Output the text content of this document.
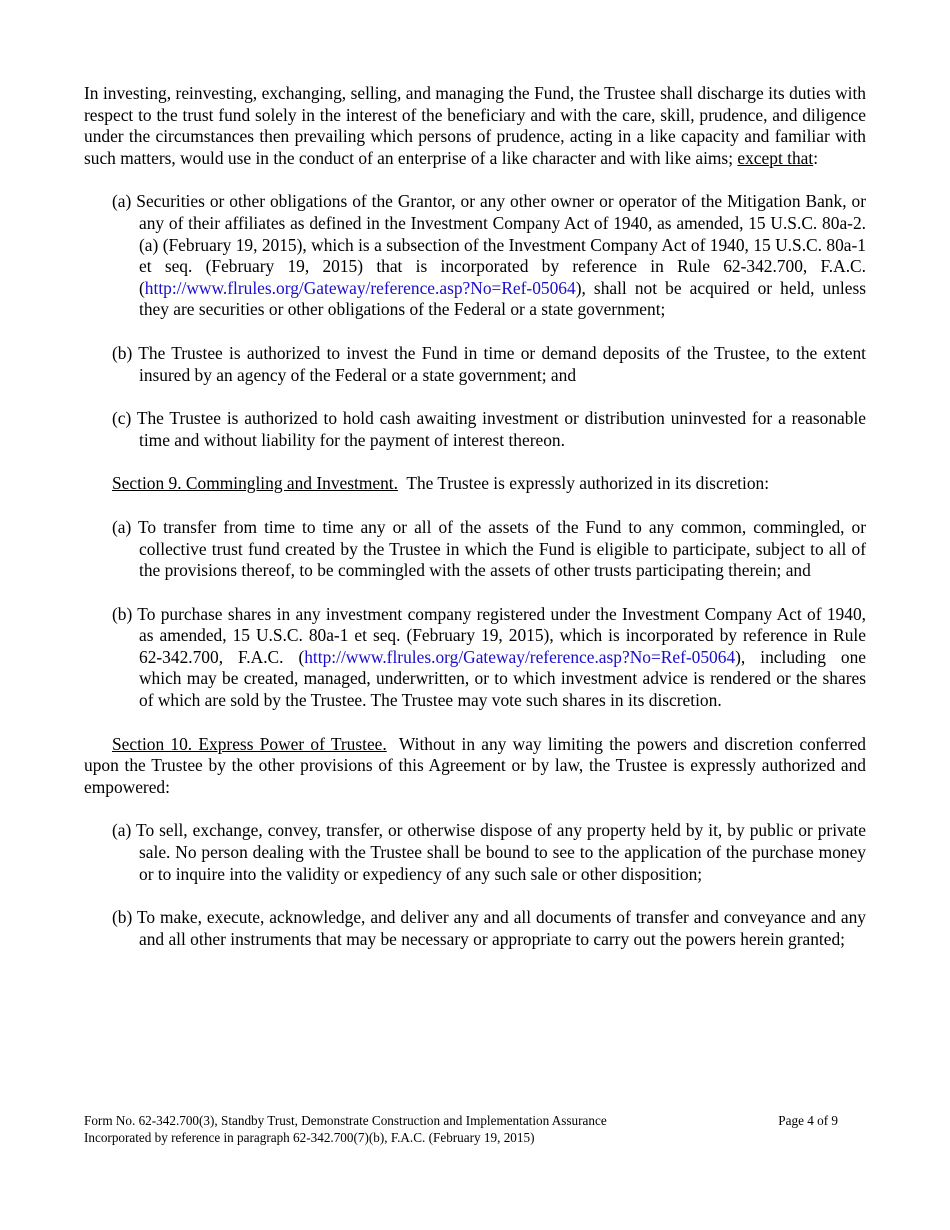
In investing, reinvesting, exchanging, selling, and managing the Fund, the Trustee shall discharge its duties with respect to the trust fund solely in the interest of the beneficiary and with the care, skill, prudence, and diligence under the circumstances then prevailing which persons of prudence, acting in a like capacity and familiar with such matters, would use in the conduct of an enterprise of a like character and with like aims; except that:

(a) Securities or other obligations of the Grantor, or any other owner or operator of the Mitigation Bank, or any of their affiliates as defined in the Investment Company Act of 1940, as amended, 15 U.S.C. 80a-2.(a) (February 19, 2015), which is a subsection of the Investment Company Act of 1940, 15 U.S.C. 80a-1 et seq. (February 19, 2015) that is incorporated by reference in Rule 62-342.700, F.A.C. (http://www.flrules.org/Gateway/reference.asp?No=Ref-05064), shall not be acquired or held, unless they are securities or other obligations of the Federal or a state government;

(b) The Trustee is authorized to invest the Fund in time or demand deposits of the Trustee, to the extent insured by an agency of the Federal or a state government; and

(c) The Trustee is authorized to hold cash awaiting investment or distribution uninvested for a reasonable time and without liability for the payment of interest thereon.

Section 9. Commingling and Investment.  The Trustee is expressly authorized in its discretion:

(a) To transfer from time to time any or all of the assets of the Fund to any common, commingled, or collective trust fund created by the Trustee in which the Fund is eligible to participate, subject to all of the provisions thereof, to be commingled with the assets of other trusts participating therein; and

(b) To purchase shares in any investment company registered under the Investment Company Act of 1940, as amended, 15 U.S.C. 80a-1 et seq. (February 19, 2015), which is incorporated by reference in Rule 62-342.700, F.A.C. (http://www.flrules.org/Gateway/reference.asp?No=Ref-05064), including one which may be created, managed, underwritten, or to which investment advice is rendered or the shares of which are sold by the Trustee. The Trustee may vote such shares in its discretion.

Section 10. Express Power of Trustee.  Without in any way limiting the powers and discretion conferred upon the Trustee by the other provisions of this Agreement or by law, the Trustee is expressly authorized and empowered:

(a) To sell, exchange, convey, transfer, or otherwise dispose of any property held by it, by public or private sale. No person dealing with the Trustee shall be bound to see to the application of the purchase money or to inquire into the validity or expediency of any such sale or other disposition;

(b) To make, execute, acknowledge, and deliver any and all documents of transfer and conveyance and any and all other instruments that may be necessary or appropriate to carry out the powers herein granted;

Form No. 62-342.700(3), Standby Trust, Demonstrate Construction and Implementation Assurance
Incorporated by reference in paragraph 62-342.700(7)(b), F.A.C. (February 19, 2015)
Page 4 of 9
